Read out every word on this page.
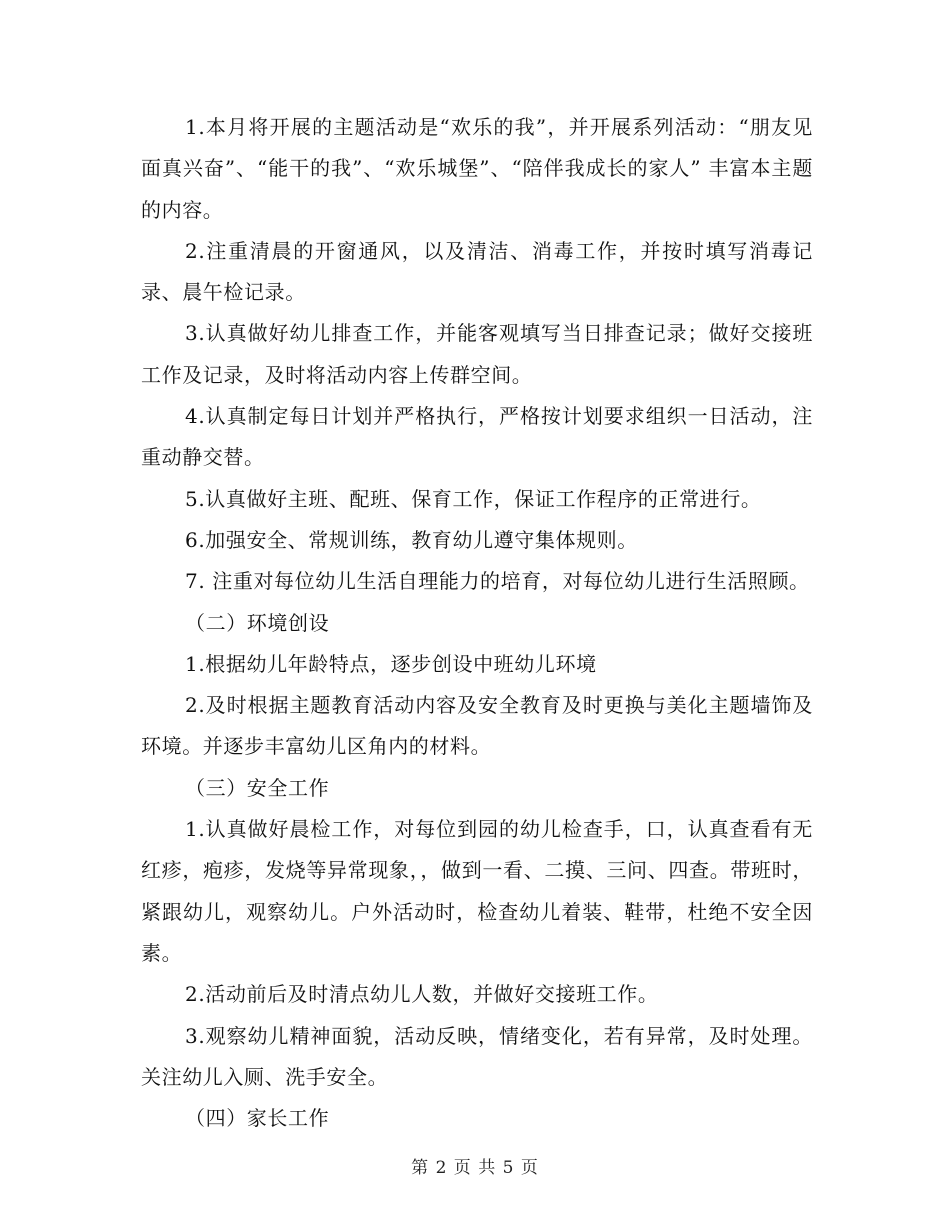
1.本月将开展的主题活动是“欢乐的我”，并开展系列活动：“朋友见面真兴奋”、“能干的我”、“欢乐城堡”、“陪伴我成长的家人” 丰富本主题的内容。

2.注重清晨的开窗通风，以及清洁、消毒工作，并按时填写消毒记录、晨午检记录。

3.认真做好幼儿排查工作，并能客观填写当日排查记录；做好交接班工作及记录，及时将活动内容上传群空间。

4.认真制定每日计划并严格执行，严格按计划要求组织一日活动，注重动静交替。

5.认真做好主班、配班、保育工作，保证工作程序的正常进行。

6.加强安全、常规训练，教育幼儿遵守集体规则。

7. 注重对每位幼儿生活自理能力的培育，对每位幼儿进行生活照顾。

（二）环境创设

1.根据幼儿年龄特点，逐步创设中班幼儿环境

2.及时根据主题教育活动内容及安全教育及时更换与美化主题墙饰及环境。并逐步丰富幼儿区角内的材料。

（三）安全工作

1.认真做好晨检工作，对每位到园的幼儿检查手，口，认真查看有无红疹，疱疹，发烧等异常现象，，做到一看、二摸、三问、四查。带班时，紧跟幼儿，观察幼儿。户外活动时，检查幼儿着装、鞋带，杜绝不安全因素。

2.活动前后及时清点幼儿人数，并做好交接班工作。

3.观察幼儿精神面貌，活动反映，情绪变化，若有异常，及时处理。关注幼儿入厕、洗手安全。

（四）家长工作

第 2 页 共 5 页
